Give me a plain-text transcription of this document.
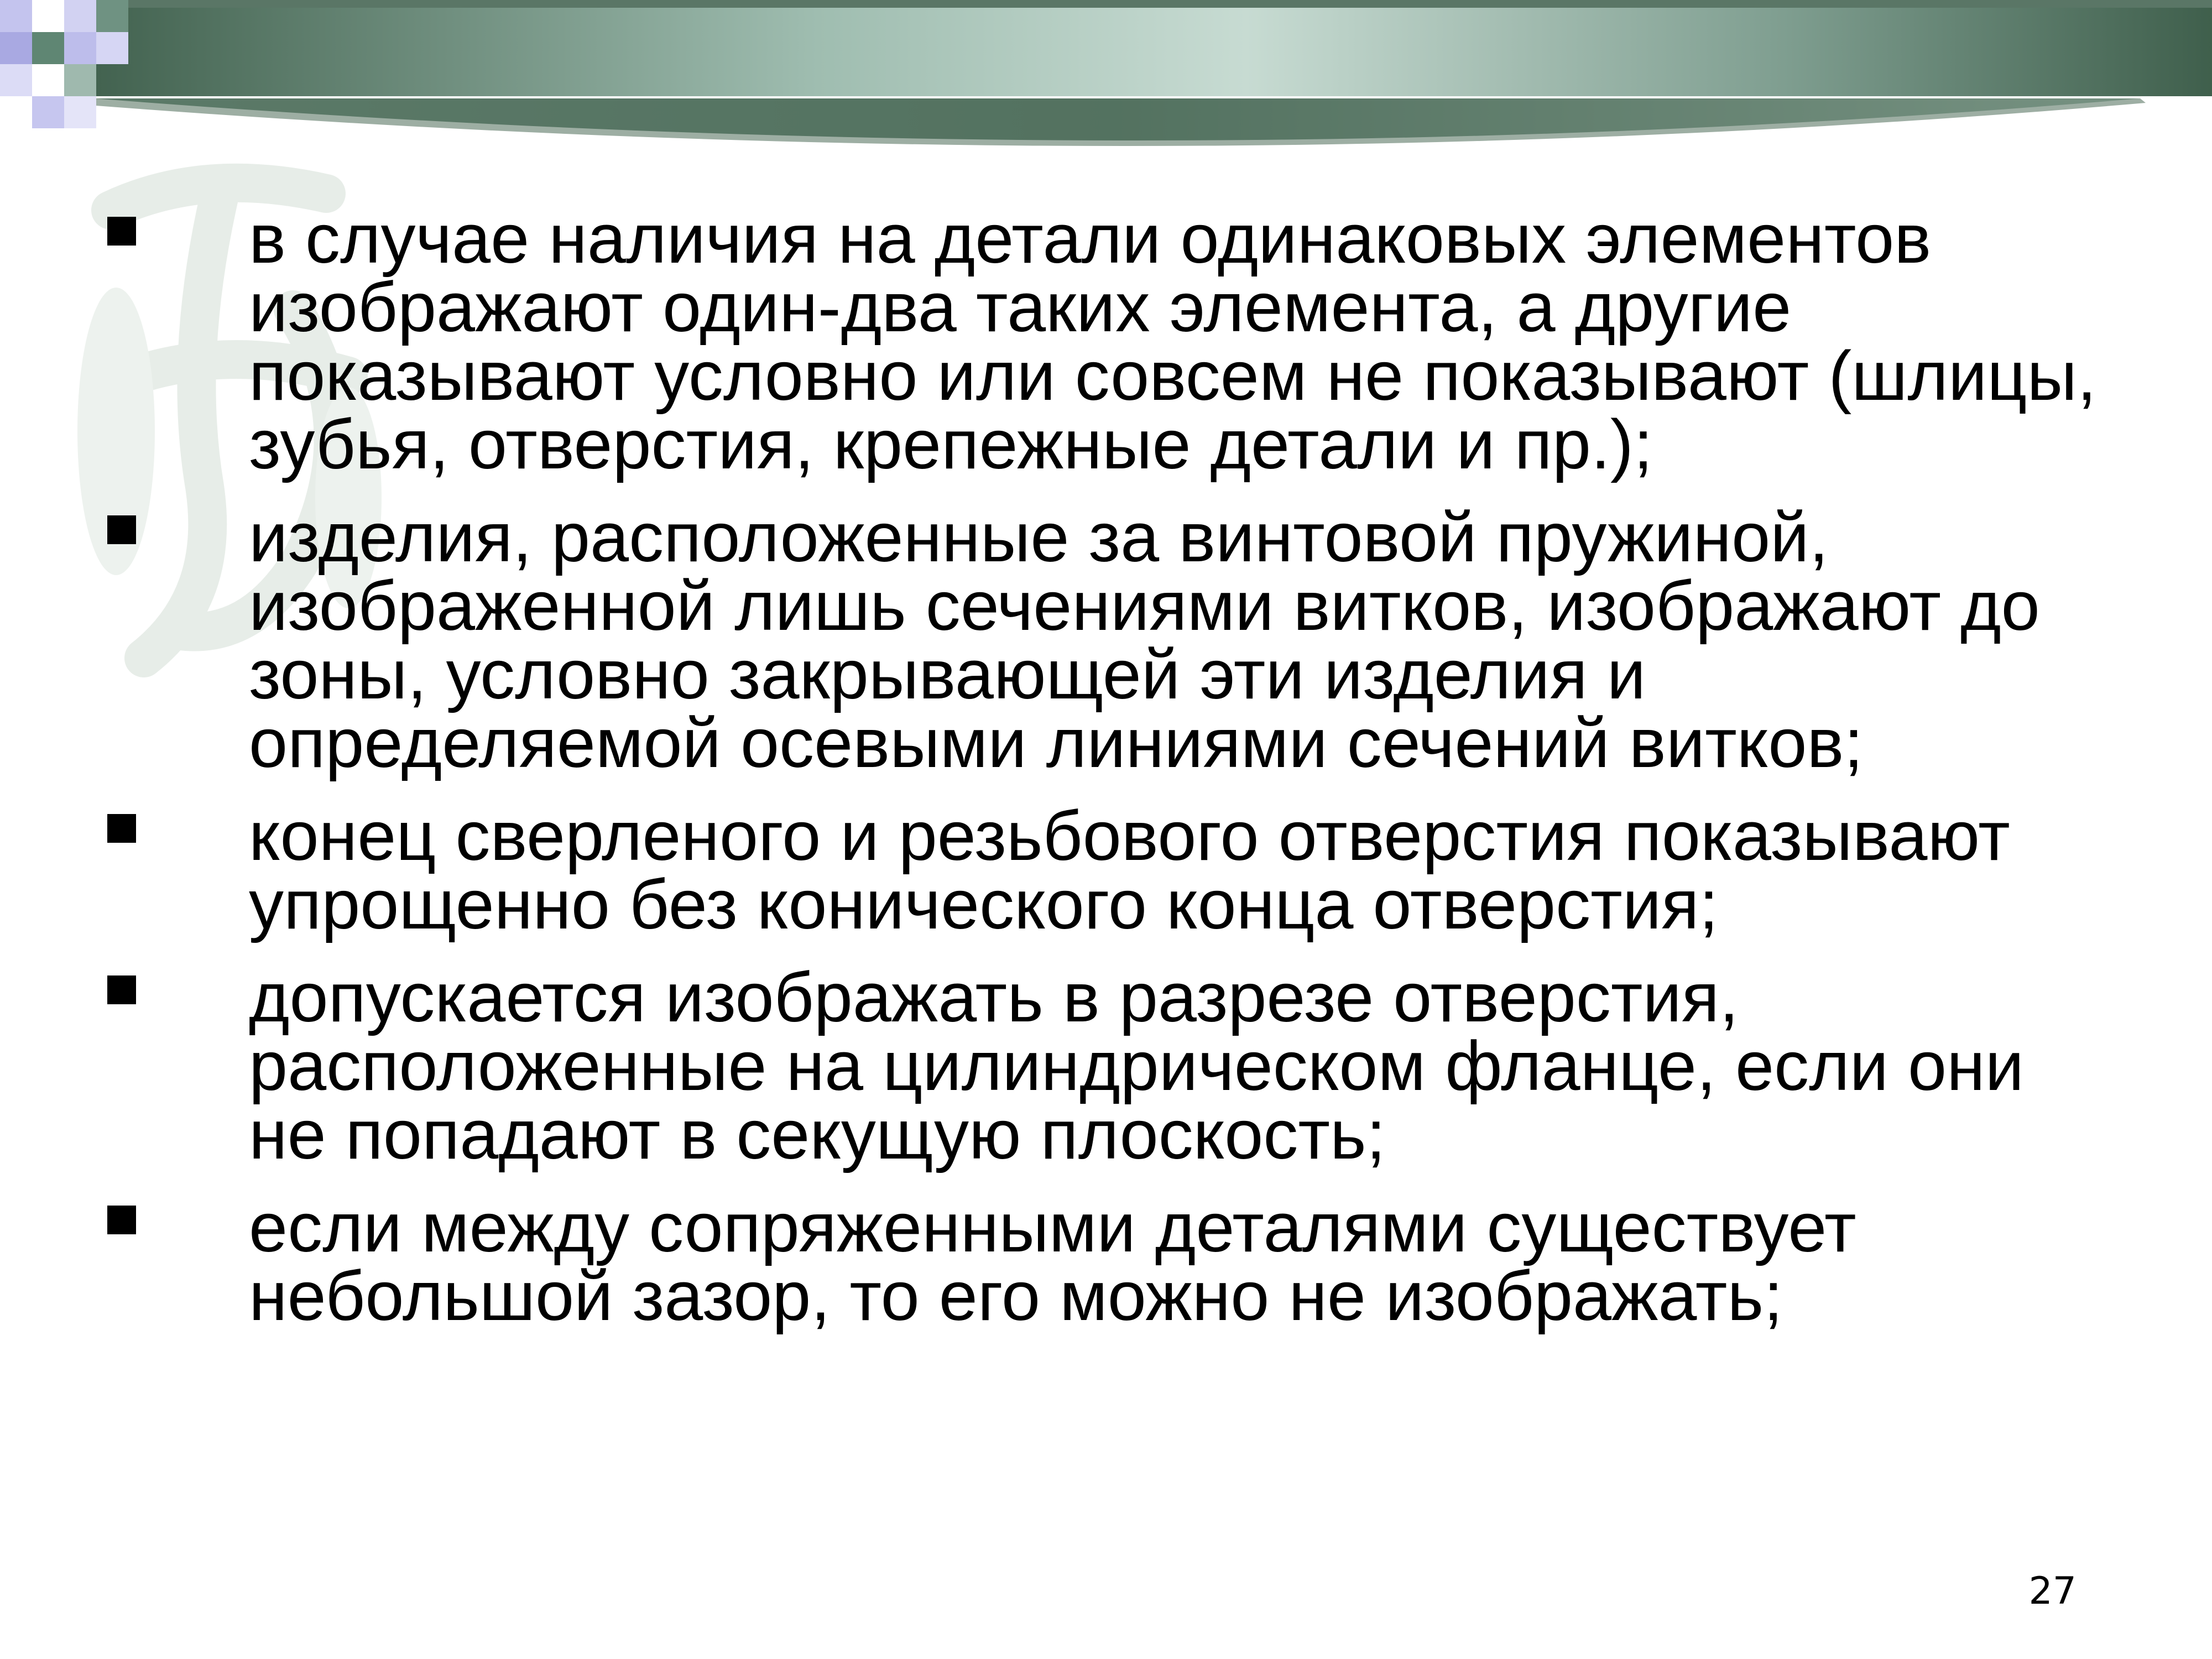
в случае наличия на детали одинаковых элементов изображают один-два таких элемента, а другие показывают условно или совсем не показывают (шлицы, зубья, отверстия, крепежные детали и пр.);
изделия, расположенные за винтовой пружиной, изображенной лишь сечениями витков, изображают до зоны, условно закрывающей эти изделия и определяемой осевыми линиями сечений витков;
конец сверленого и резьбового отверстия показывают упрощенно без конического конца отверстия;
допускается изображать в разрезе отверстия, расположенные на цилиндрическом фланце, если они не попадают в секущую плоскость;
если между сопряженными деталями существует небольшой зазор, то его можно не изображать;
27
